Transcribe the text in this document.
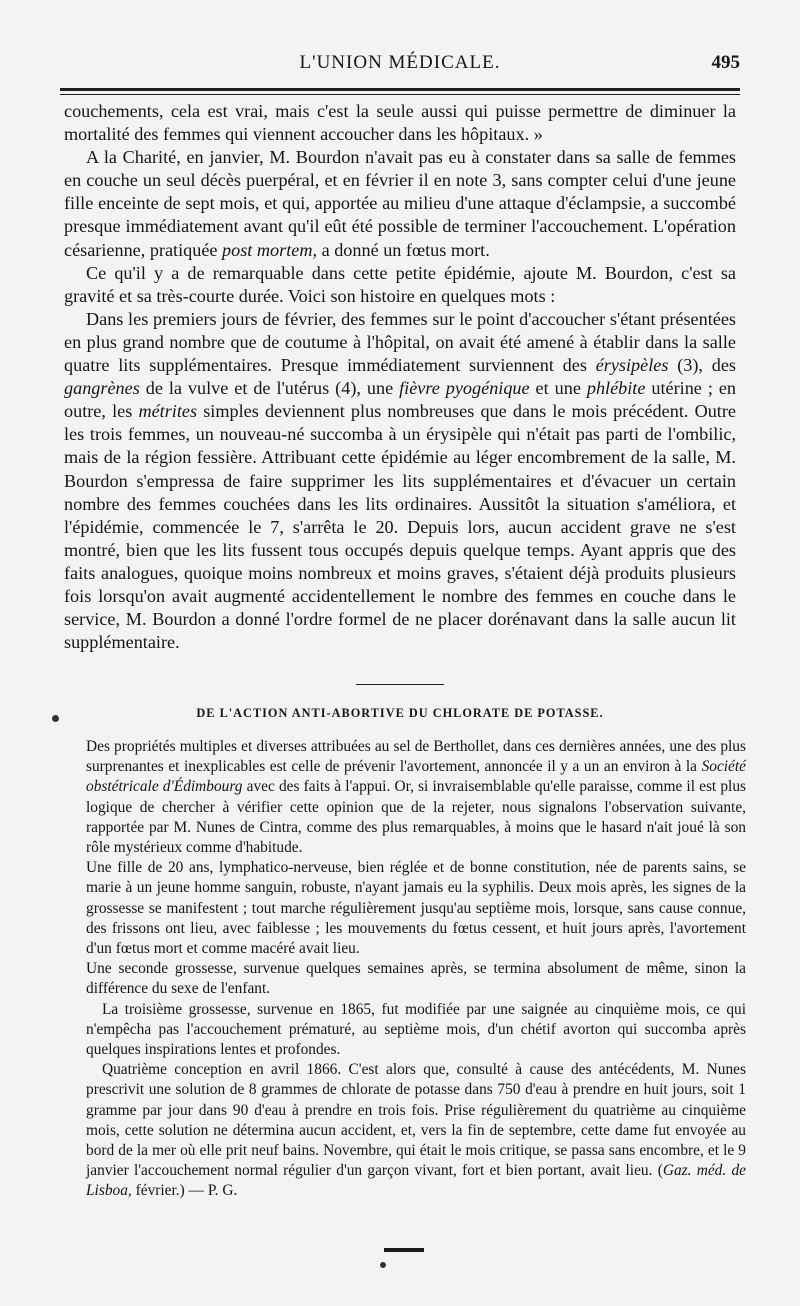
L'UNION MÉDICALE.	495

couchements, cela est vrai, mais c'est la seule aussi qui puisse permettre de diminuer la mortalité des femmes qui viennent accoucher dans les hôpitaux. »

A la Charité, en janvier, M. Bourdon n'avait pas eu à constater dans sa salle de femmes en couche un seul décès puerpéral, et en février il en note 3, sans compter celui d'une jeune fille enceinte de sept mois, et qui, apportée au milieu d'une attaque d'éclampsie, a succombé presque immédiatement avant qu'il eût été possible de terminer l'accouchement. L'opération césarienne, pratiquée post mortem, a donné un fœtus mort.

Ce qu'il y a de remarquable dans cette petite épidémie, ajoute M. Bourdon, c'est sa gravité et sa très-courte durée. Voici son histoire en quelques mots :

Dans les premiers jours de février, des femmes sur le point d'accoucher s'étant présentées en plus grand nombre que de coutume à l'hôpital, on avait été amené à établir dans la salle quatre lits supplémentaires. Presque immédiatement surviennent des érysipèles (3), des gangrènes de la vulve et de l'utérus (4), une fièvre pyogénique et une phlébite utérine ; en outre, les métrites simples deviennent plus nombreuses que dans le mois précédent. Outre les trois femmes, un nouveau-né succomba à un érysipèle qui n'était pas parti de l'ombilic, mais de la région fessière. Attribuant cette épidémie au léger encombrement de la salle, M. Bourdon s'empressa de faire supprimer les lits supplémentaires et d'évacuer un certain nombre des femmes couchées dans les lits ordinaires. Aussitôt la situation s'améliora, et l'épidémie, commencée le 7, s'arrêta le 20. Depuis lors, aucun accident grave ne s'est montré, bien que les lits fussent tous occupés depuis quelque temps. Ayant appris que des faits analogues, quoique moins nombreux et moins graves, s'étaient déjà produits plusieurs fois lorsqu'on avait augmenté accidentellement le nombre des femmes en couche dans le service, M. Bourdon a donné l'ordre formel de ne placer dorénavant dans la salle aucun lit supplémentaire.

DE L'ACTION ANTI-ABORTIVE DU CHLORATE DE POTASSE.

Des propriétés multiples et diverses attribuées au sel de Berthollet, dans ces dernières années, une des plus surprenantes et inexplicables est celle de prévenir l'avortement, annoncée il y a un an environ à la Société obstétricale d'Édimbourg avec des faits à l'appui. Or, si invraisemblable qu'elle paraisse, comme il est plus logique de chercher à vérifier cette opinion que de la rejeter, nous signalons l'observation suivante, rapportée par M. Nunes de Cintra, comme des plus remarquables, à moins que le hasard n'ait joué là son rôle mystérieux comme d'habitude.

Une fille de 20 ans, lymphatico-nerveuse, bien réglée et de bonne constitution, née de parents sains, se marie à un jeune homme sanguin, robuste, n'ayant jamais eu la syphilis. Deux mois après, les signes de la grossesse se manifestent ; tout marche régulièrement jusqu'au septième mois, lorsque, sans cause connue, des frissons ont lieu, avec faiblesse ; les mouvements du fœtus cessent, et huit jours après, l'avortement d'un fœtus mort et comme macéré avait lieu.

Une seconde grossesse, survenue quelques semaines après, se termina absolument de même, sinon la différence du sexe de l'enfant.

La troisième grossesse, survenue en 1865, fut modifiée par une saignée au cinquième mois, ce qui n'empêcha pas l'accouchement prématuré, au septième mois, d'un chétif avorton qui succomba après quelques inspirations lentes et profondes.

Quatrième conception en avril 1866. C'est alors que, consulté à cause des antécédents, M. Nunes prescrivit une solution de 8 grammes de chlorate de potasse dans 750 d'eau à prendre en huit jours, soit 1 gramme par jour dans 90 d'eau à prendre en trois fois. Prise régulièrement du quatrième au cinquième mois, cette solution ne détermina aucun accident, et, vers la fin de septembre, cette dame fut envoyée au bord de la mer où elle prit neuf bains. Novembre, qui était le mois critique, se passa sans encombre, et le 9 janvier l'accouchement normal régulier d'un garçon vivant, fort et bien portant, avait lieu. (Gaz. méd. de Lisboa, février.) — P. G.
